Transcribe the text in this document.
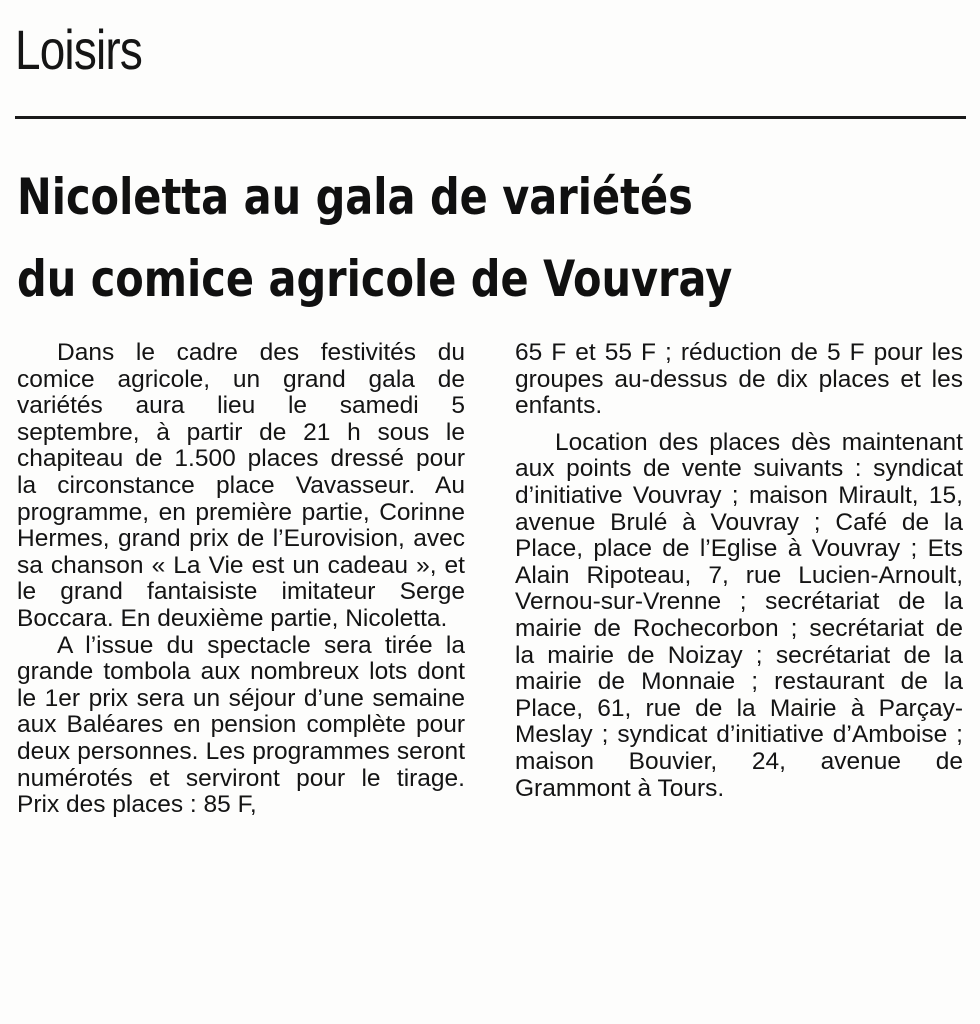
Loisirs
Nicoletta au gala de variétés
du comice agricole de Vouvray

Dans le cadre des festivités du comice agricole, un grand gala de variétés aura lieu le samedi 5 septembre, à partir de 21 h sous le chapiteau de 1.500 places dressé pour la circonstance place Vavasseur. Au programme, en première partie, Corinne Hermes, grand prix de l’Eurovision, avec sa chanson « La Vie est un cadeau », et le grand fantaisiste imitateur Serge Boccara. En deuxième partie, Nicoletta.

A l’issue du spectacle sera tirée la grande tombola aux nombreux lots dont le 1er prix sera un séjour d’une semaine aux Baléares en pension complète pour deux personnes. Les programmes seront numérotés et serviront pour le tirage. Prix des places : 85 F,

65 F et 55 F ; réduction de 5 F pour les groupes au-dessus de dix places et les enfants.

Location des places dès maintenant aux points de vente suivants : syndicat d’initiative Vouvray ; maison Mirault, 15, avenue Brulé à Vouvray ; Café de la Place, place de l’Eglise à Vouvray ; Ets Alain Ripoteau, 7, rue Lucien-Arnoult, Vernou-sur-Vrenne ; secrétariat de la mairie de Rochecorbon ; secrétariat de la mairie de Noizay ; secrétariat de la mairie de Monnaie ; restaurant de la Place, 61, rue de la Mairie à Parçay-Meslay ; syndicat d’initiative d’Amboise ; maison Bouvier, 24, avenue de Grammont à Tours.
